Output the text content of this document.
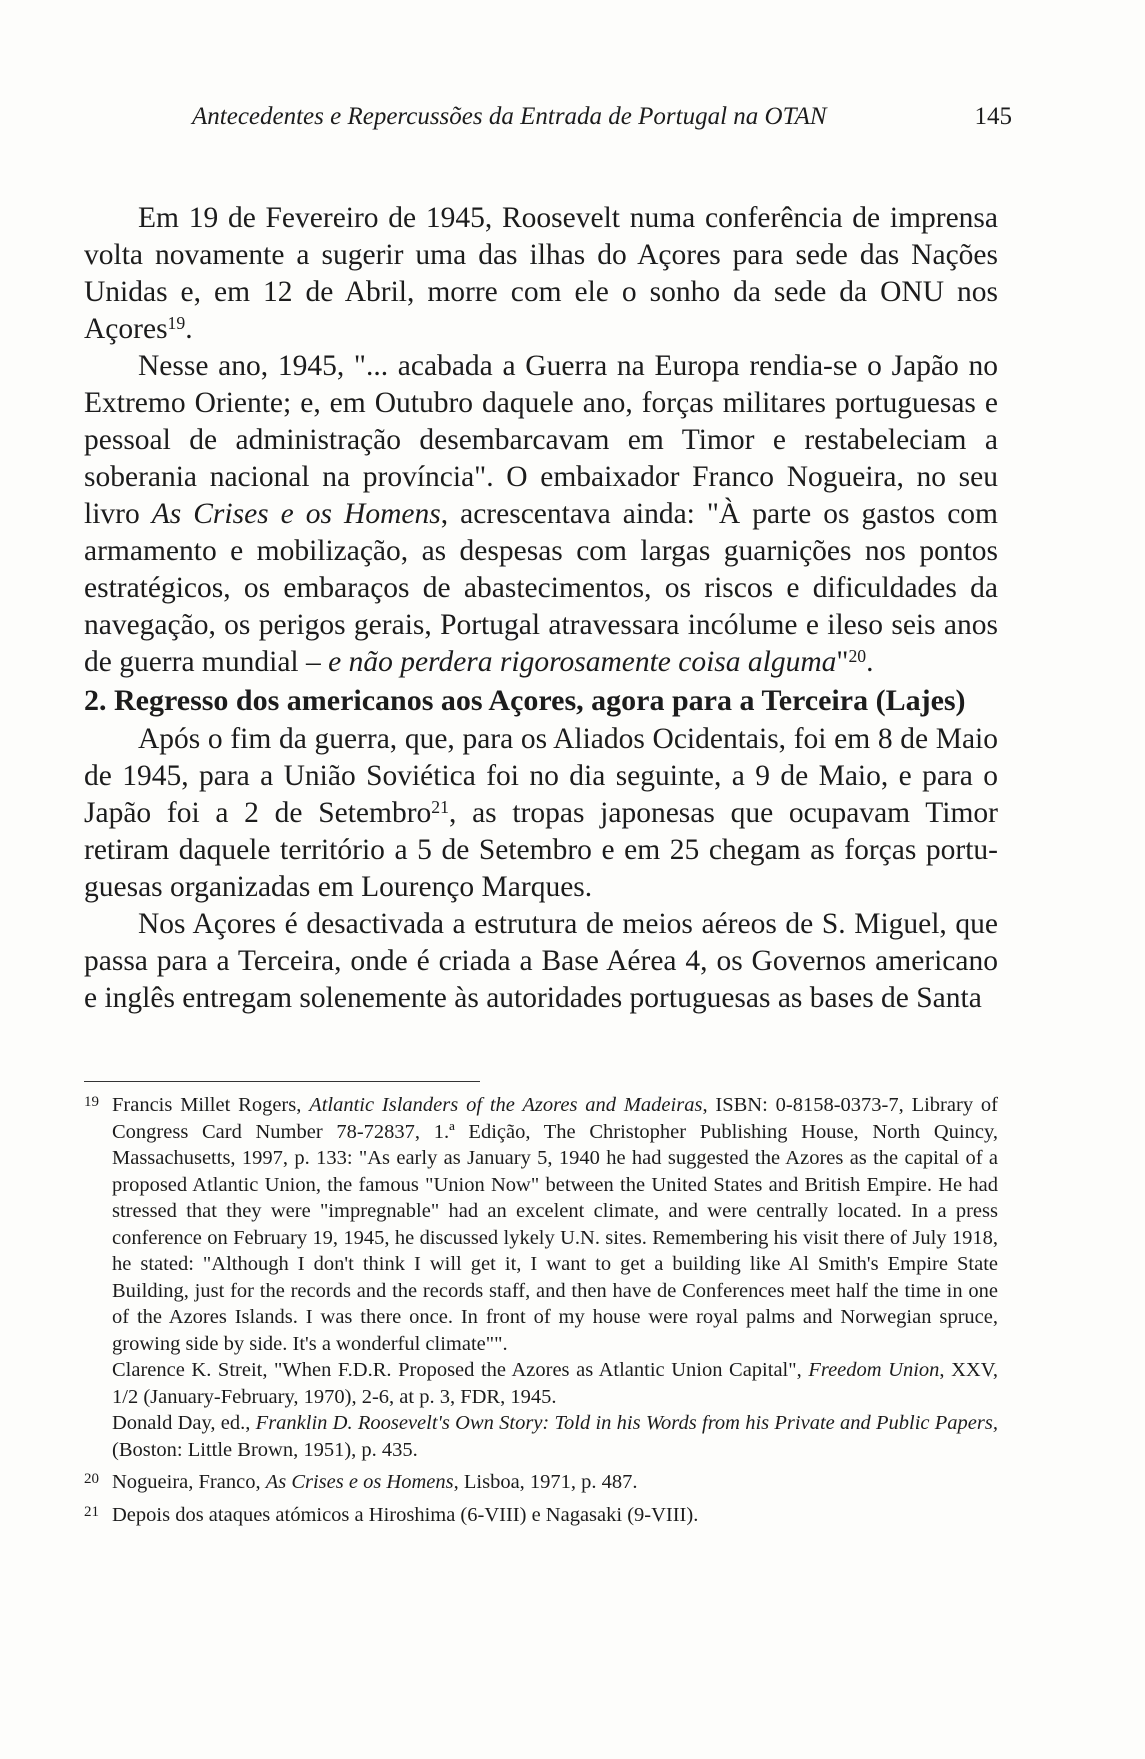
Antecedentes e Repercussões da Entrada de Portugal na OTAN	145

Em 19 de Fevereiro de 1945, Roosevelt numa conferência de imprensa volta novamente a sugerir uma das ilhas do Açores para sede das Nações Unidas e, em 12 de Abril, morre com ele o sonho da sede da ONU nos Açores$^{19}$.

Nesse ano, 1945, "... acabada a Guerra na Europa rendia-se o Japão no Extremo Oriente; e, em Outubro daquele ano, forças militares portuguesas e pessoal de administração desembarcavam em Timor e restabeleciam a soberania nacional na província". O embaixador Franco Nogueira, no seu livro As Crises e os Homens, acrescentava ainda: "À parte os gastos com armamento e mobilização, as despesas com largas guarnições nos pontos estratégicos, os embaraços de abastecimentos, os riscos e dificuldades da navegação, os perigos gerais, Portugal atravessara incólume e ileso seis anos de guerra mundial – e não perdera rigorosamente coisa alguma"$^{20}$.

2. Regresso dos americanos aos Açores, agora para a Terceira (Lajes)

Após o fim da guerra, que, para os Aliados Ocidentais, foi em 8 de Maio de 1945, para a União Soviética foi no dia seguinte, a 9 de Maio, e para o Japão foi a 2 de Setembro$^{21}$, as tropas japonesas que ocupavam Timor retiram daquele território a 5 de Setembro e em 25 chegam as forças portuguesas organizadas em Lourenço Marques.

Nos Açores é desactivada a estrutura de meios aéreos de S. Miguel, que passa para a Terceira, onde é criada a Base Aérea 4, os Governos americano e inglês entregam solenemente às autoridades portuguesas as bases de Santa

19 Francis Millet Rogers, Atlantic Islanders of the Azores and Madeiras, ISBN: 0-8158-0373-7, Library of Congress Card Number 78-72837, 1.ª Edição, The Christopher Publishing House, North Quincy, Massachusetts, 1997, p. 133: "As early as January 5, 1940 he had suggested the Azores as the capital of a proposed Atlantic Union, the famous "Union Now" between the United States and British Empire. He had stressed that they were "impregnable" had an excelent climate, and were centrally located. In a press conference on February 19, 1945, he discussed lykely U.N. sites. Remembering his visit there of July 1918, he stated: "Although I don't think I will get it, I want to get a building like Al Smith's Empire State Building, just for the records and the records staff, and then have de Conferences meet half the time in one of the Azores Islands. I was there once. In front of my house were royal palms and Norwegian spruce, growing side by side. It's a wonderful climate"".

Clarence K. Streit, "When F.D.R. Proposed the Azores as Atlantic Union Capital", Freedom Union, XXV, 1/2 (January-February, 1970), 2-6, at p. 3, FDR, 1945.

Donald Day, ed., Franklin D. Roosevelt's Own Story: Told in his Words from his Private and Public Papers, (Boston: Little Brown, 1951), p. 435.

20 Nogueira, Franco, As Crises e os Homens, Lisboa, 1971, p. 487.

21 Depois dos ataques atómicos a Hiroshima (6-VIII) e Nagasaki (9-VIII).
